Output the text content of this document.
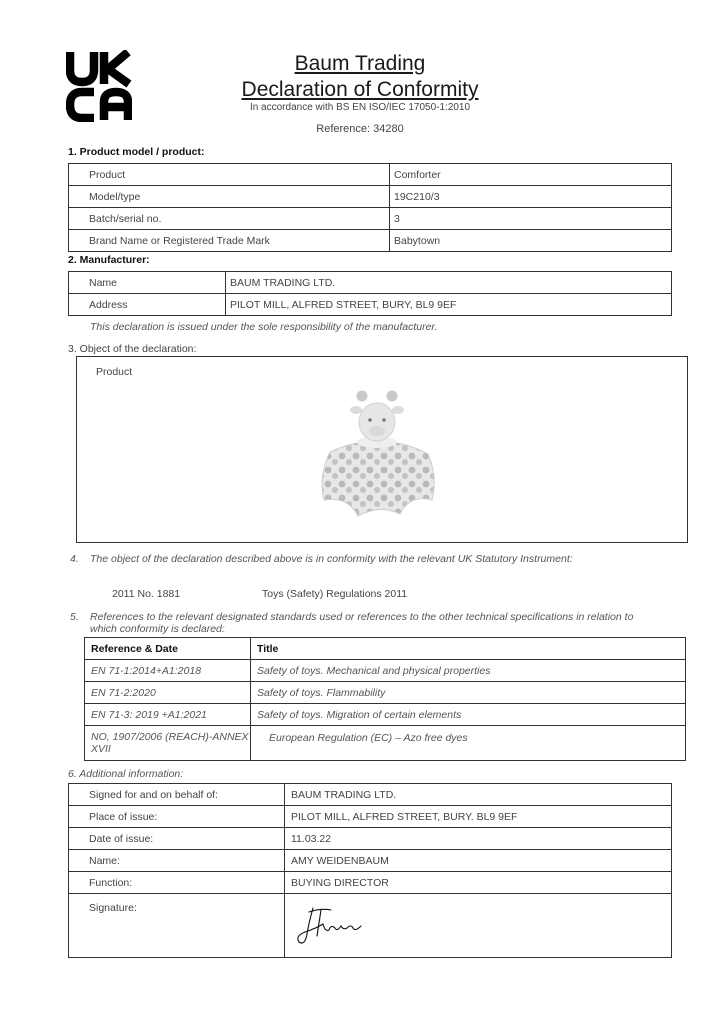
Baum Trading
Declaration of Conformity
In accordance with BS EN ISO/IEC 17050-1:2010
Reference: 34280
1. Product model / product:
Product	Comforter
Model/type	19C210/3
Batch/serial no.	3
Brand Name or Registered Trade Mark	Babytown
2. Manufacturer:
Name	BAUM TRADING LTD.
Address	PILOT MILL, ALFRED STREET, BURY, BL9 9EF
This declaration is issued under the sole responsibility of the manufacturer.
3. Object of the declaration:
Product
4. The object of the declaration described above is in conformity with the relevant UK Statutory Instrument:
2011 No. 1881	Toys (Safety) Regulations 2011
5. References to the relevant designated standards used or references to the other technical specifications in relation to which conformity is declared:
Reference & Date	Title
EN 71-1:2014+A1:2018	Safety of toys. Mechanical and physical properties
EN 71-2:2020	Safety of toys. Flammability
EN 71-3: 2019 +A1:2021	Safety of toys. Migration of certain elements
NO, 1907/2006 (REACH)-ANNEX XVII	European Regulation (EC) – Azo free dyes
6. Additional information:
Signed for and on behalf of:	BAUM TRADING LTD.
Place of issue:	PILOT MILL, ALFRED STREET, BURY. BL9 9EF
Date of issue:	11.03.22
Name:	AMY WEIDENBAUM
Function:	BUYING DIRECTOR
Signature:	
